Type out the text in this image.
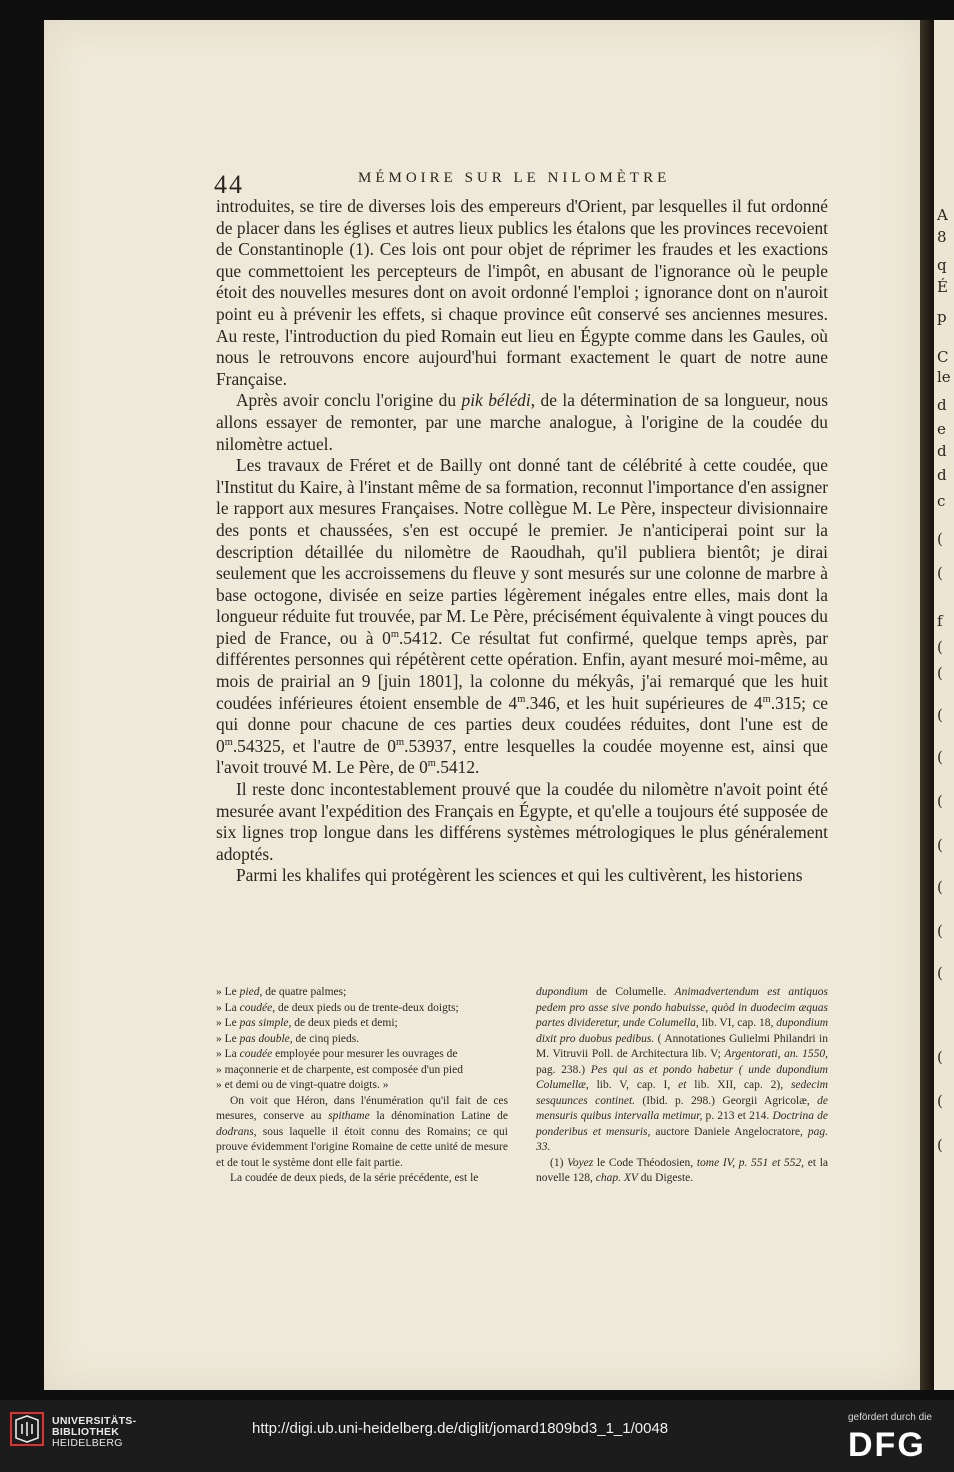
A
8
q
É
p
C
le
d
e
d
d
c
(
(
f
(
(
(
(
(
(
(
(
(
(
(
(
44	MÉMOIRE SUR LE NILOMÈTRE

introduites, se tire de diverses lois des empereurs d'Orient, par lesquelles il fut ordonné de placer dans les églises et autres lieux publics les étalons que les provinces recevoient de Constantinople (1). Ces lois ont pour objet de réprimer les fraudes et les exactions que commettoient les percepteurs de l'impôt, en abusant de l'ignorance où le peuple étoit des nouvelles mesures dont on avoit ordonné l'emploi ; ignorance dont on n'auroit point eu à prévenir les effets, si chaque province eût conservé ses anciennes mesures. Au reste, l'introduction du pied Romain eut lieu en Égypte comme dans les Gaules, où nous le retrouvons encore aujourd'hui formant exactement le quart de notre aune Française.

Après avoir conclu l'origine du pik bélédi, de la détermination de sa longueur, nous allons essayer de remonter, par une marche analogue, à l'origine de la coudée du nilomètre actuel.

Les travaux de Fréret et de Bailly ont donné tant de célébrité à cette coudée, que l'Institut du Kaire, à l'instant même de sa formation, reconnut l'importance d'en assigner le rapport aux mesures Françaises. Notre collègue M. Le Père, inspecteur divisionnaire des ponts et chaussées, s'en est occupé le premier. Je n'anticiperai point sur la description détaillée du nilomètre de Raoudhah, qu'il publiera bientôt; je dirai seulement que les accroissemens du fleuve y sont mesurés sur une colonne de marbre à base octogone, divisée en seize parties légèrement inégales entre elles, mais dont la longueur réduite fut trouvée, par M. Le Père, précisément équivalente à vingt pouces du pied de France, ou à 0$^m$.5412. Ce résultat fut confirmé, quelque temps après, par différentes personnes qui répétèrent cette opération. Enfin, ayant mesuré moi-même, au mois de prairial an 9 [juin 1801], la colonne du mékyâs, j'ai remarqué que les huit coudées inférieures étoient ensemble de 4$^m$.346, et les huit supérieures de 4$^m$.315; ce qui donne pour chacune de ces parties deux coudées réduites, dont l'une est de 0$^m$.54325, et l'autre de 0$^m$.53937, entre lesquelles la coudée moyenne est, ainsi que l'avoit trouvé M. Le Père, de 0$^m$.5412.

Il reste donc incontestablement prouvé que la coudée du nilomètre n'avoit point été mesurée avant l'expédition des Français en Égypte, et qu'elle a toujours été supposée de six lignes trop longue dans les différens systèmes métrologiques le plus généralement adoptés.

Parmi les khalifes qui protégèrent les sciences et qui les cultivèrent, les historiens

» Le pied, de quatre palmes;

» La coudée, de deux pieds ou de trente-deux doigts;

» Le pas simple, de deux pieds et demi;

» Le pas double, de cinq pieds.

» La coudée employée pour mesurer les ouvrages de

» maçonnerie et de charpente, est composée d'un pied

» et demi ou de vingt-quatre doigts. »

On voit que Héron, dans l'énumération qu'il fait de ces mesures, conserve au spithame la dénomination Latine de dodrans, sous laquelle il étoit connu des Romains; ce qui prouve évidemment l'origine Romaine de cette unité de mesure et de tout le système dont elle fait partie.

La coudée de deux pieds, de la série précédente, est le

dupondium de Columelle. Animadvertendum est antiquos pedem pro asse sive pondo habuisse, quòd in duodecim æquas partes divideretur, unde Columella, lib. VI, cap. 18, dupondium dixit pro duobus pedibus. ( Annotationes Gulielmi Philandri in M. Vitruvii Poll. de Architectura lib. V; Argentorati, an. 1550, pag. 238.) Pes qui as et pondo habetur ( unde dupondium Columellæ, lib. V, cap. I, et lib. XII, cap. 2), sedecim sesquunces continet. (Ibid. p. 298.) Georgii Agricolæ, de mensuris quibus intervalla metimur, p. 213 et 214. Doctrina de ponderibus et mensuris, auctore Daniele Angelocratore, pag. 33.

(1) Voyez le Code Théodosien, tome IV, p. 551 et 552, et la novelle 128, chap. XV du Digeste.

UNIVERSITÄTS-
BIBLIOTHEK
HEIDELBERG
http://digi.ub.uni-heidelberg.de/diglit/jomard1809bd3_1_1/0048
gefördert durch die
DFG
